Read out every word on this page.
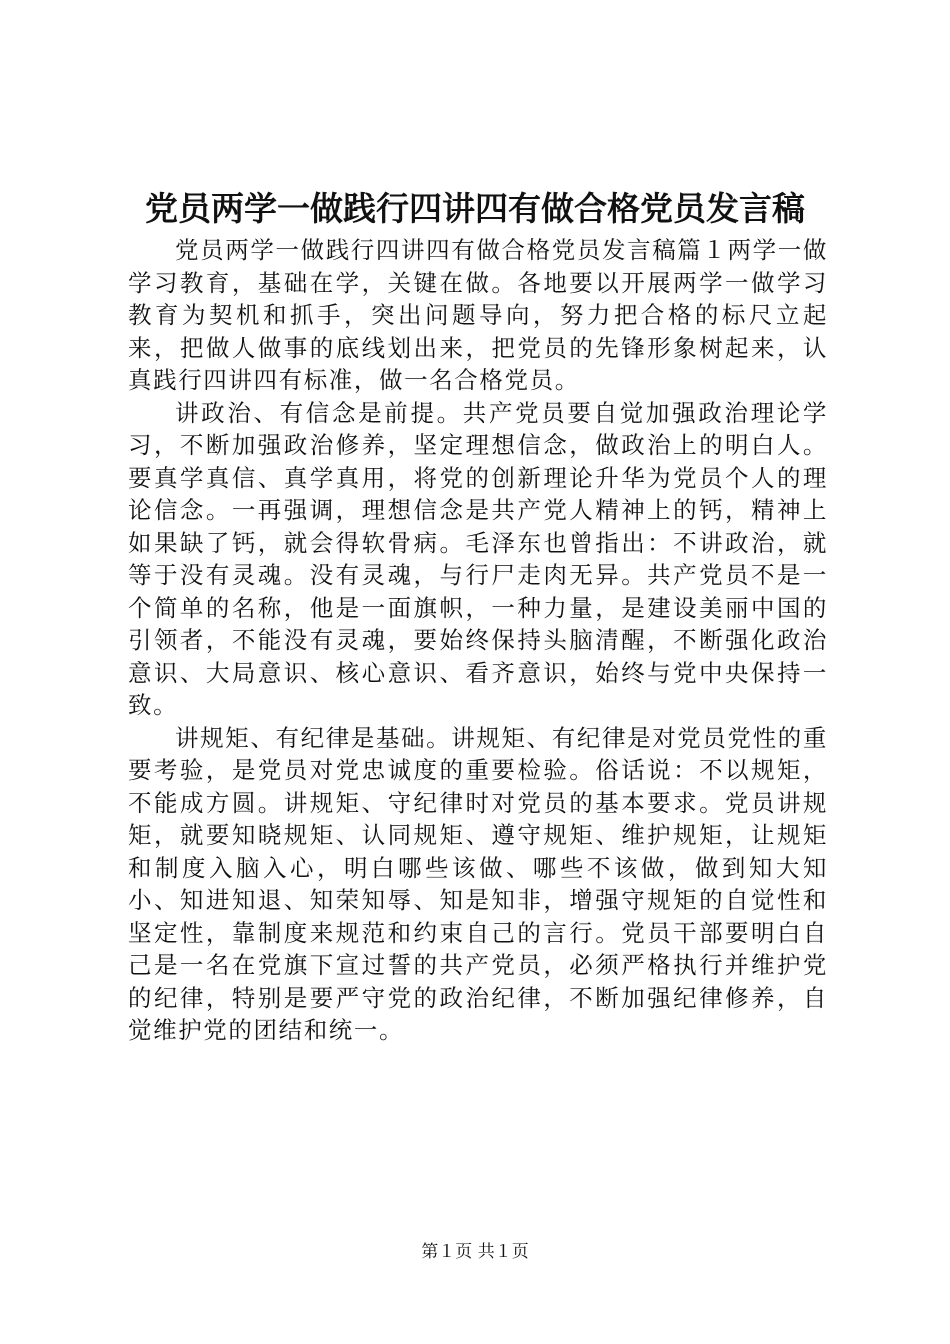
党员两学一做践行四讲四有做合格党员发言稿

党员两学一做践行四讲四有做合格党员发言稿篇１两学一做学习教育，基础在学，关键在做。各地要以开展两学一做学习教育为契机和抓手，突出问题导向，努力把合格的标尺立起来，把做人做事的底线划出来，把党员的先锋形象树起来，认真践行四讲四有标准，做一名合格党员。

讲政治、有信念是前提。共产党员要自觉加强政治理论学习，不断加强政治修养，坚定理想信念，做政治上的明白人。要真学真信、真学真用，将党的创新理论升华为党员个人的理论信念。一再强调，理想信念是共产党人精神上的钙，精神上如果缺了钙，就会得软骨病。毛泽东也曾指出：不讲政治，就等于没有灵魂。没有灵魂，与行尸走肉无异。共产党员不是一个简单的名称，他是一面旗帜，一种力量，是建设美丽中国的引领者，不能没有灵魂，要始终保持头脑清醒，不断强化政治意识、大局意识、核心意识、看齐意识，始终与党中央保持一致。

讲规矩、有纪律是基础。讲规矩、有纪律是对党员党性的重要考验，是党员对党忠诚度的重要检验。俗话说：不以规矩，不能成方圆。讲规矩、守纪律时对党员的基本要求。党员讲规矩，就要知晓规矩、认同规矩、遵守规矩、维护规矩，让规矩和制度入脑入心，明白哪些该做、哪些不该做，做到知大知小、知进知退、知荣知辱、知是知非，增强守规矩的自觉性和坚定性，靠制度来规范和约束自己的言行。党员干部要明白自己是一名在党旗下宣过誓的共产党员，必须严格执行并维护党的纪律，特别是要严守党的政治纪律，不断加强纪律修养，自觉维护党的团结和统一。

第１页 共１页
